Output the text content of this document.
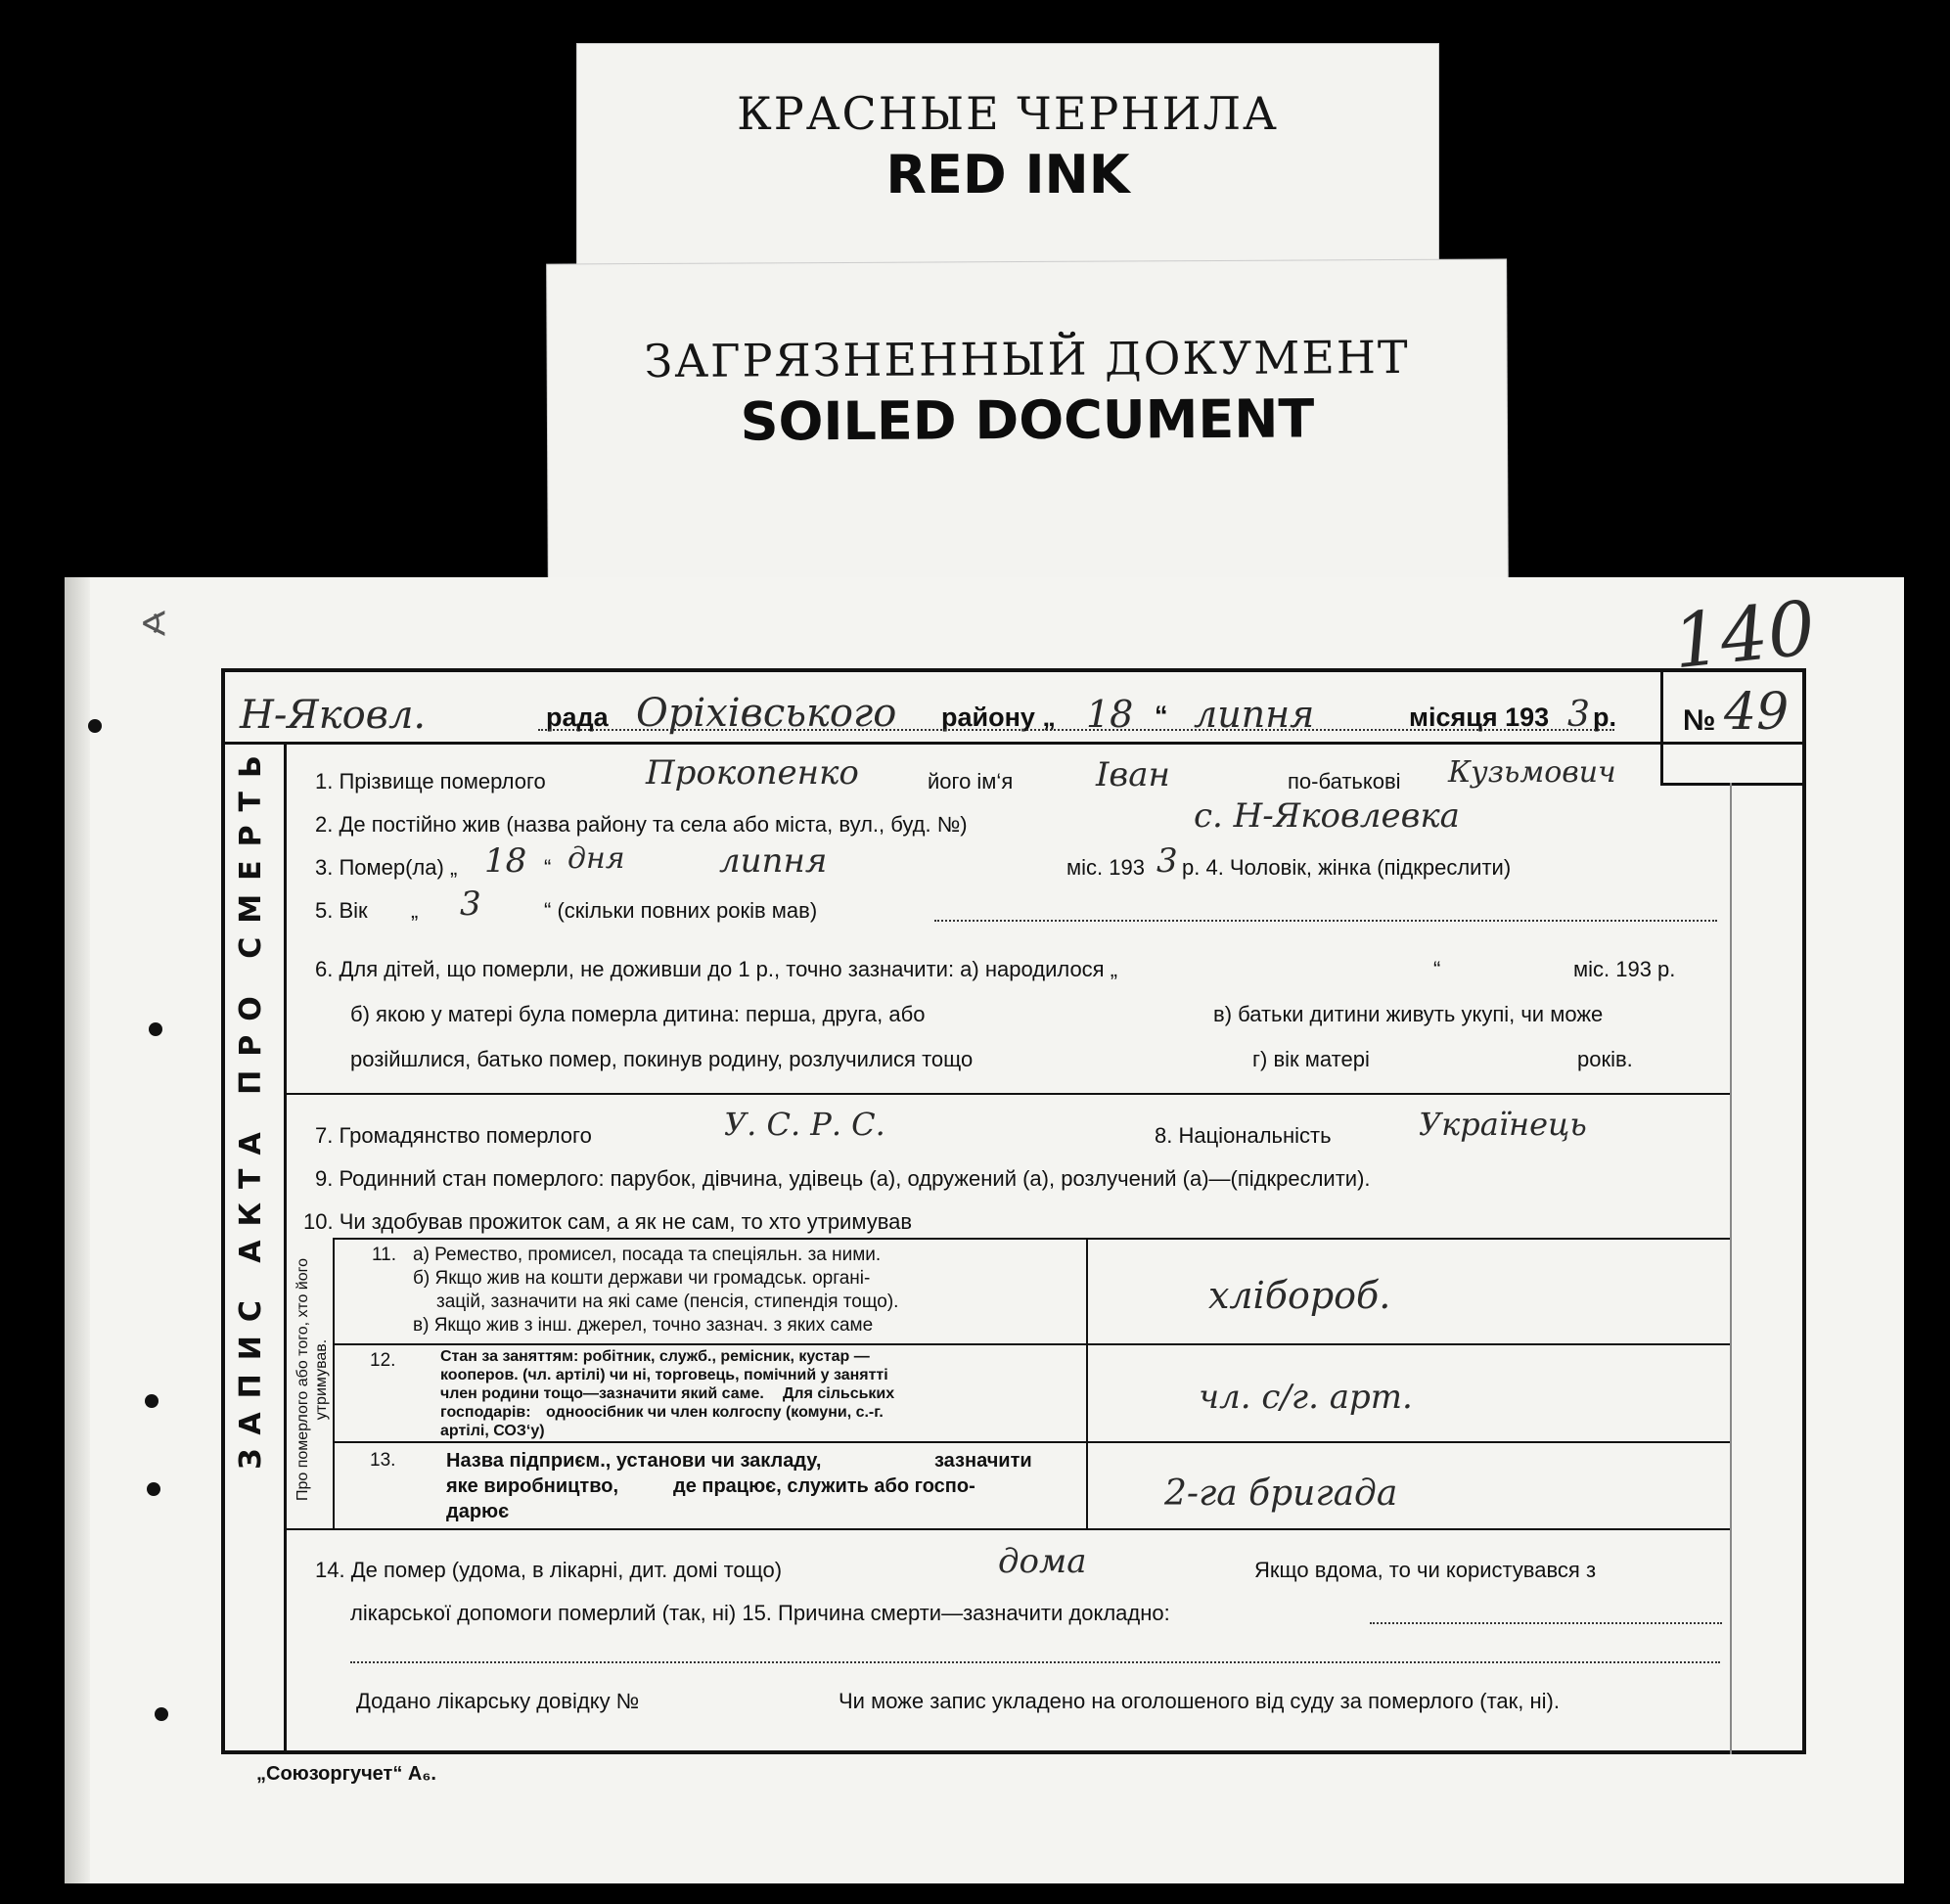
КРАСНЫЕ ЧЕРНИЛА
RED INK
ЗАГРЯЗНЕННЫЙ ДОКУМЕНТ
SOILED DOCUMENT
∢	140
ЗАПИС АКТА ПРО СМЕРТЬ	Про померлого або того, хто його утримував.
Н-Яковл.	рада Оріхівського району „ 18 “ липня	місяця 193 3 р. № 49
1. Прізвище померлого	Прокопенко	його ім‘я Іван	по-батькові Кузьмович
2. Де постійно жив (назва району та села або міста, вул., буд. №)	с. Н-Яковлевка
3. Помер(ла) „ 18 “ дня	липня	міс. 193 3 р. 4. Чоловік, жінка (підкреслити)
5. Вік „ 3	“ (скільки повних років мав)
6. Для дітей, що померли, не доживши до 1 р., точно зазначити: а) народилося „	“	міс. 193 р.
б) якою у матері була померла дитина: перша, друга, або	в) батьки дитини живуть укупі, чи може
розійшлися, батько помер, покинув родину, розлучилися тощо	г) вік матері	років.
7. Громадянство померлого	У. С. Р. С.	8. Національність	Українець
9. Родинний стан померлого: парубок, дівчина, удівець (а), одружений (а), розлучений (а)—(підкреслити).
10. Чи здобував прожиток сам, а як не сам, то хто утримував
11. а) Ремество, промисел, посада та спеціяльн. за ними.
б) Якщо жив на кошти держави чи громадськ. органі-
зацій, зазначити на які саме (пенсія, стипендія тощо).
в) Якщо жив з інш. джерел, точно зазнач. з яких саме
хлібороб.
12.	Стан за заняттям: робітник, служб., ремісник, кустар —
коопeров. (чл. артілі) чи ні, торговець, помічний у занятті
член родини тощо—зазначити який саме. Для сільських
господарів: одноосібник чи член колгоспу (комуни, с.-г.
артілі, СОЗ‘у)
чл. с/г. арт.
13.	Назва підприєм., установи чи закладу,	зазначити
яке виробництво,	де працює, служить або госпо-
дарює	2-га бригада
14. Де помер (удома, в лікарні, дит. домі тощо)	дома	Якщо вдома, то чи користувався з
лікарської допомоги померлий (так, ні) 15. Причина смерти—зазначити докладно:
Додано лікарську довідку №	Чи може запис укладено на оголошеного від суду за померлого (так, ні).
„Союзоргучет“ А₆.
